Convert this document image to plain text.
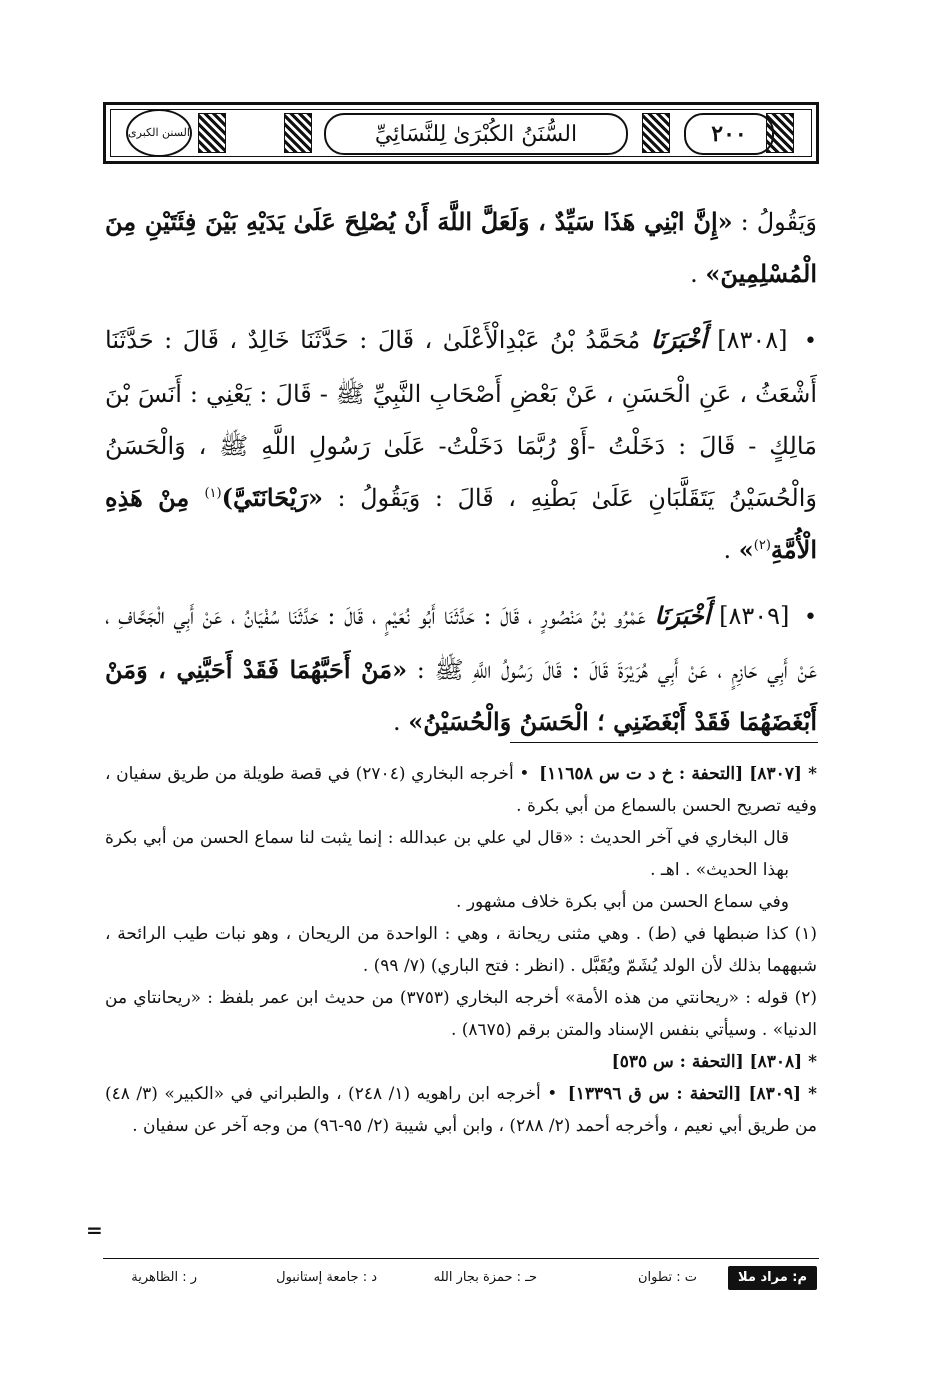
السنن الكبرى	السُّنَنُ الكُبْرَىٰ لِلنَّسَائِيِّ	٢٠٠

وَيَقُولُ : «إِنَّ ابْنِي هَذَا سَيِّدٌ ، وَلَعَلَّ اللَّهَ أَنْ يُصْلِحَ عَلَىٰ يَدَيْهِ بَيْنَ فِئَتَيْنِ مِنَ الْمُسْلِمِينَ» .

• [٨٣٠٨] أَخْبَرَنَا مُحَمَّدُ بْنُ عَبْدِالْأَعْلَىٰ ، قَالَ : حَدَّثَنَا خَالِدٌ ، قَالَ : حَدَّثَنَا أَشْعَثُ ، عَنِ الْحَسَنِ ، عَنْ بَعْضِ أَصْحَابِ النَّبِيِّ ﷺ - قَالَ : يَعْنِي : أَنَسَ بْنَ مَالِكٍ - قَالَ : دَخَلْتُ -أَوْ رُبَّمَا دَخَلْتُ- عَلَىٰ رَسُولِ اللَّهِ ﷺ ، وَالْحَسَنُ وَالْحُسَيْنُ يَتَقَلَّبَانِ عَلَىٰ بَطْنِهِ ، قَالَ : وَيَقُولُ : «رَيْحَانَتَيَّ)$^{(١)}$ مِنْ هَذِهِ الْأُمَّةِ$^{(٢)}$» .

• [٨٣٠٩] أَخْبَرَنَا عَمْرُو بْنُ مَنْصُورٍ ، قَالَ : حَدَّثَنَا أَبُو نُعَيْمٍ ، قَالَ : حَدَّثَنَا سُفْيَانُ ، عَنْ أَبِي الْجَحَّافِ ، عَنْ أَبِي حَازِمٍ ، عَنْ أَبِي هُرَيْرَةَ قَالَ : قَالَ رَسُولُ اللَّهِ ﷺ : «مَنْ أَحَبَّهُمَا فَقَدْ أَحَبَّنِي ، وَمَنْ أَبْغَضَهُمَا فَقَدْ أَبْغَضَنِي ؛ الْحَسَنُ وَالْحُسَيْنُ» .

* [٨٣٠٧] [التحفة : خ د ت س ١١٦٥٨] • أخرجه البخاري (٢٧٠٤) في قصة طويلة من طريق سفيان ، وفيه تصريح الحسن بالسماع من أبي بكرة .

قال البخاري في آخر الحديث : «قال لي علي بن عبدالله : إنما يثبت لنا سماع الحسن من أبي بكرة بهذا الحديث» . اهـ .

وفي سماع الحسن من أبي بكرة خلاف مشهور .

(١) كذا ضبطها في (ط) . وهي مثنى ريحانة ، وهي : الواحدة من الريحان ، وهو نبات طيب الرائحة ، شبههما بذلك لأن الولد يُشَمّ ويُقَبَّل . (انظر : فتح الباري) (٧/ ٩٩) .

(٢) قوله : «ريحانتي من هذه الأمة» أخرجه البخاري (٣٧٥٣) من حديث ابن عمر بلفظ : «ريحانتاي من الدنيا» . وسيأتي بنفس الإسناد والمتن برقم (٨٦٧٥) .

* [٨٣٠٨] [التحفة : س ٥٣٥]

* [٨٣٠٩] [التحفة : س ق ١٣٣٩٦] • أخرجه ابن راهويه (١/ ٢٤٨) ، والطبراني في «الكبير» (٣/ ٤٨) من طريق أبي نعيم ، وأخرجه أحمد (٢/ ٢٨٨) ، وابن أبي شيبة (٢/ ٩٥-٩٦) من وجه آخر عن سفيان .

=
م: مراد ملا
ت : تطوان
حـ : حمزة بجار الله
د : جامعة إستانبول
ر : الظاهرية
